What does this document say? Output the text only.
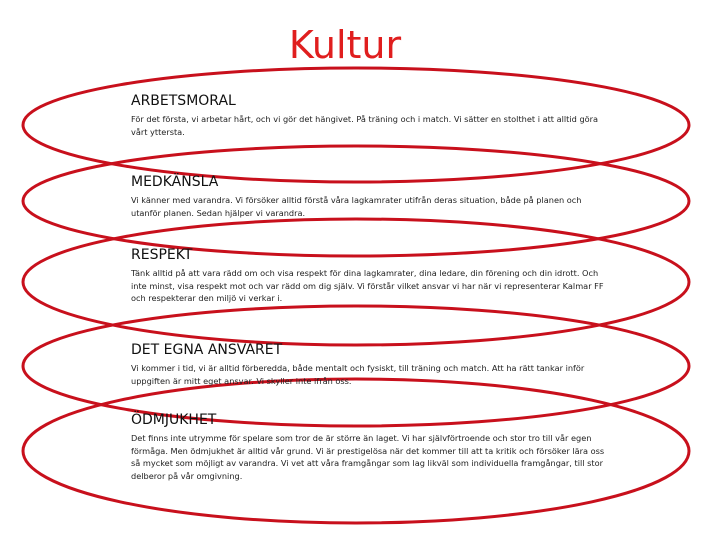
Kultur
ARBETSMORAL
För det första, vi arbetar hårt, och vi gör det hängivet. På träning och i match. Vi sätter en stolthet i att alltid göra vårt yttersta.
MEDKÄNSLA
Vi känner med varandra. Vi försöker alltid förstå våra lagkamrater utifrån deras situation, både på planen och utanför planen. Sedan hjälper vi varandra.
RESPEKT
Tänk alltid på att vara rädd om och visa respekt för dina lagkamrater, dina ledare, din förening och din idrott. Och inte minst, visa respekt mot och var rädd om dig själv. Vi förstår vilket ansvar vi har när vi representerar Kalmar FF och respekterar den miljö vi verkar i.
DET EGNA ANSVARET
Vi kommer i tid, vi är alltid förberedda, både mentalt och fysiskt, till träning och match. Att ha rätt tankar inför uppgiften är mitt eget ansvar. Vi skyller inte ifrån oss.
ÖDMJUKHET
Det finns inte utrymme för spelare som tror de är större än laget. Vi har självförtroende och stor tro till vår egen förmåga. Men ödmjukhet är alltid vår grund. Vi är prestigelösa när det kommer till att ta kritik och försöker lära oss så mycket som möjligt av varandra. Vi vet att våra framgångar som lag likväl som individuella framgångar, till stor delberor på vår omgivning.
